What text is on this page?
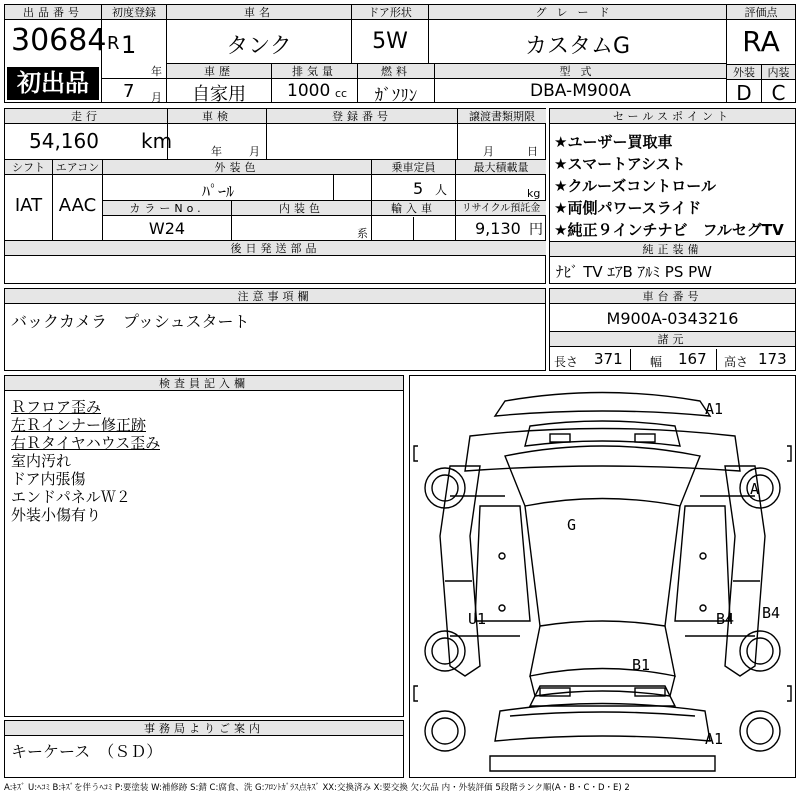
出品番号
30684
初出品
初度登録
R 1
年
7 月
車名
タンク
ドア形状
5W
グレード
カスタムG
評価点
RA
車歴
自家用
排気量
1000 cc
燃料
ｶﾞｿﾘﾝ
型式
DBA-M900A
外装	内装
D C
走行
54,160 km
車検
年 月
登録番号	譲渡書類期限
月	日
シフト
IAT
エアコン
AAC
外装色
ﾊﾟｰﾙ
乗車定員
5 人
最大積載量
kg
カラーNo.
W24
内装色
系
輸入車	リサイクル預託金
9,130 円
後日発送部品
セールスポイント
★ユーザー買取車
★スマートアシスト
★クルーズコントロール
★両側パワースライド
★純正９インチナビ　フルセグTV
純正装備
ﾅﾋﾞ TV ｴｱB ｱﾙﾐ PS PW
注意事項欄
バックカメラ　プッシュスタート
車台番号
M900A-0343216
諸元
長さ 371 幅 167 高さ 173
検査員記入欄
Ｒフロア歪み
左Ｒインナー修正跡
右Ｒタイヤハウス歪み
室内汚れ
ドア内張傷
エンドパネルＷ２
外装小傷有り
事務局よりご案内
キーケース　（ＳＤ）
A1
A
G
U1	B4 B4
B1
A1
A:ｷｽﾞ U:ﾍｺﾐ B:ｷｽﾞを伴うﾍｺﾐ P:要塗装 W:補修跡 S:錆 C:腐食、洗 G:ﾌﾛﾝﾄｶﾞﾗｽ点ｷｽﾞ XX:交換済み X:要交換 欠:欠品 内・外装評価 5段階ランク順(A・B・C・D・E) 2
